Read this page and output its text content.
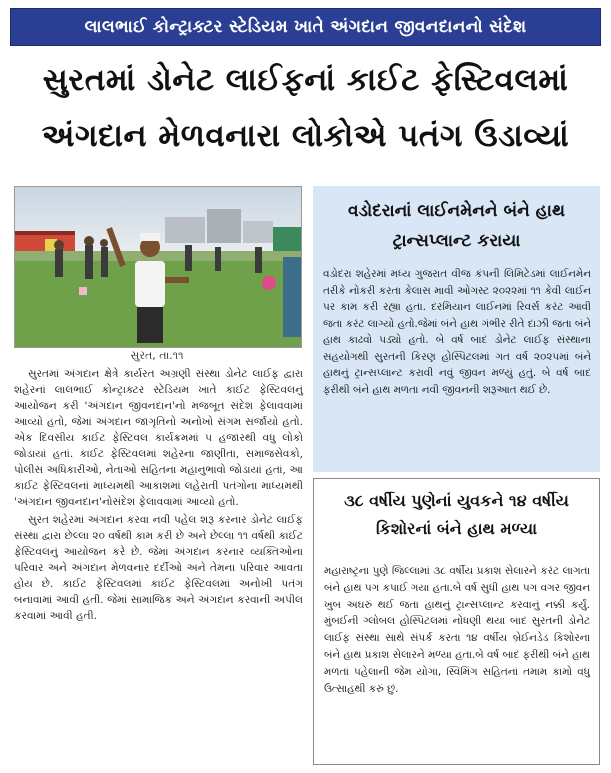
લાલભાઈ કોન્ટ્રાક્ટર સ્ટેડિયમ ખાતે અંગદાન જીવનદાનનો સંદેશ
સુરતમાં ડોનેટ લાઈફનાં કાઈટ ફેસ્ટિવલમાં
અંગદાન મેળવનારા લોકોએ પતંગ ઉડાવ્યાં
સુરત, તા.૧૧

સુરતમાં અંગદાન ક્ષેત્રે કાર્યરત અગ્રણી સંસ્થા ડોનેટ લાઈફ દ્વારા શહેરનાં લાલભાઈ કોન્ટ્રાક્ટર સ્ટેડિયમ ખાતે કાઈટ ફેસ્ટિવલનું આયોજન કરી 'અંગદાન જીવનદાન'નો મજબૂત સંદેશ ફેલાવવામાં આવ્યો હતો, જેમાં અંગદાન જાગૃતિનો અનોખો સંગમ સર્જાયો હતો. એક દિવસીય કાઈટ ફેસ્ટિવલ કાર્યક્રમમાં ૫ હજારથી વધુ લોકો જોડાયાં હતાં. કાઈટ ફેસ્ટિવલમાં શહેરના જાણીતા, સમાજસેવકો, પોલીસ અધિકારીઓ, નેતાઓ સહિતના મહાનુભાવો જોડાયાં હતાં, આ કાઈટ ફેસ્ટિવલનાં માધ્યમથી આકાશમાં લહેરાતી પતંગોના માધ્યમથી 'અંગદાન જીવનદાન'નોસંદેશ ફેલાવવામાં આવ્યો હતો.

સુરત શહેરમાં અંગદાન કરવા નવી પહેલ શરૂ કરનાર ડોનેટ લાઈફ સંસ્થા દ્વારા છેલ્લા ૨૦ વર્ષથી કામ કરી છે અને છેલ્લા ૧૧ વર્ષથી કાઈટ ફેસ્ટિવલનું આયોજન કરે છે. જેમાં અંગદાન કરનાર વ્યક્તિઓના પરિવાર અને અંગદાન મેળવનાર દર્દીઓ અને તેમના પરિવાર આવતા હોય છે. કાઈટ ફેસ્ટિવલમાં કાઈટ ફેસ્ટિવલમાં અનોખી પતંગ બનાવામાં આવી હતી. જેમાં સામાજિક અને અંગદાન કરવાની અપીલ કરવામાં આવી હતી.

વડોદરાનાં લાઈનમેનને બંને હાથ ટ્રાન્સપ્લાન્ટ કરાયા
વડોદરા શહેરમાં મધ્ય ગુજરાત વીજ કંપની લિમિટેડમાં લાઈનમેન તરીકે નોકરી કરતા કેલાસ માવી ઓગસ્ટ ૨૦૨૨માં ૧૧ કેવી લાઈન પર કામ કરી રહ્યા હતા. દરમિયાન લાઈનમાં રિવર્સ કરંટ આવી જતા કરંટ લાગ્યો હતો.જેમાં બંને હાથ ગંભીર રીતે દાઝી જતા બંને હાથ કાઢવો પડ્યો હતો. બે વર્ષ બાદ ડોનેટ લાઈફ સંસ્થાના સહયોગથી સુરતની કિરણ હોસ્પિટલમાં ગત વર્ષ ૨૦૨૫માં બંને હાથનું ટ્રાન્સપ્લાન્ટ કરાવી નવું જીવન મળ્યું હતું. બે વર્ષ બાદ ફરીથી બંને હાથ મળતા નવી જીવનની શરૂઆત થઈ છે.
૩૮ વર્ષીય પુણેનાં યુવકને ૧૪ વર્ષીય કિશોરનાં બંને હાથ મળ્યા
મહારાષ્ટ્રના પુણે જિલ્લામાં ૩૮ વર્ષીય પ્રકાશ સેલારને કરંટ લાગતા બંને હાથ પગ કપાઈ ગયા હતા.બે વર્ષ સુધી હાથ પગ વગર જીવન ખુબ અઘરું થઈ જતા હાથનું ટ્રાન્સપ્લાન્ટ કરવાનું નક્કી કર્યું. મુંબઈની ગ્લોબલ હોસ્પિટલમાં નોંધણી થયા બાદ સુરતની ડોનેટ લાઈફ સંસ્થા સાથે સંપર્ક કરતા ૧૪ વર્ષીય બ્રેઈનડેડ કિશોરના બંને હાથ પ્રકાશ સેલારને મળ્યા હતા.બે વર્ષ બાદ ફરીથી બંને હાથ મળતાં પહેલાની જેમ યોગા, સ્વિમિંગ સહિતનાં તમામ કામો વધુ ઉત્સાહથી કરું છું.
